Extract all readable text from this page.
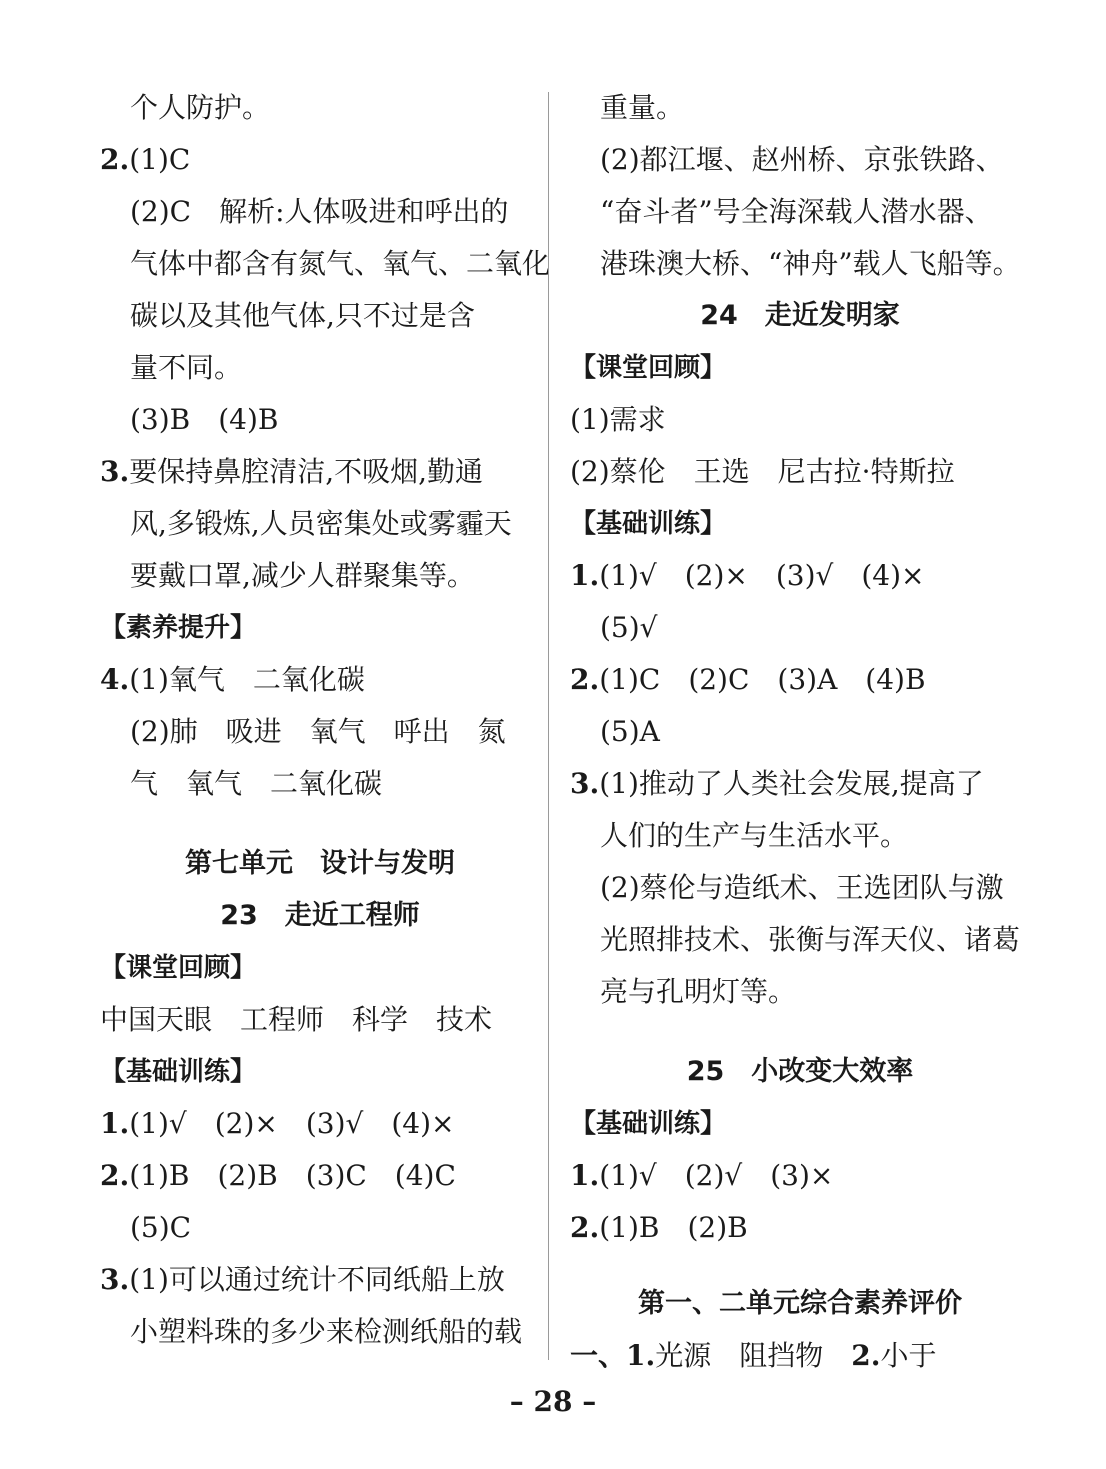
个人防护。
2.(1)C
(2)C　解析:人体吸进和呼出的
气体中都含有氮气、氧气、二氧化
碳以及其他气体,只不过是含
量不同。
(3)B　(4)B
3.要保持鼻腔清洁,不吸烟,勤通
风,多锻炼,人员密集处或雾霾天
要戴口罩,减少人群聚集等。
【素养提升】
4.(1)氧气　二氧化碳
(2)肺　吸进　氧气　呼出　氮
气　氧气　二氧化碳
第七单元　设计与发明
23　走近工程师
【课堂回顾】
中国天眼　工程师　科学　技术
【基础训练】
1.(1)√　(2)×　(3)√　(4)×
2.(1)B　(2)B　(3)C　(4)C
(5)C
3.(1)可以通过统计不同纸船上放
小塑料珠的多少来检测纸船的载
重量。
(2)都江堰、赵州桥、京张铁路、
“奋斗者”号全海深载人潜水器、
港珠澳大桥、“神舟”载人飞船等。
24　走近发明家
【课堂回顾】
(1)需求
(2)蔡伦　王选　尼古拉·特斯拉
【基础训练】
1.(1)√　(2)×　(3)√　(4)×
(5)√
2.(1)C　(2)C　(3)A　(4)B
(5)A
3.(1)推动了人类社会发展,提高了
人们的生产与生活水平。
(2)蔡伦与造纸术、王选团队与激
光照排技术、张衡与浑天仪、诸葛
亮与孔明灯等。
25　小改变大效率
【基础训练】
1.(1)√　(2)√　(3)×
2.(1)B　(2)B
第一、二单元综合素养评价
一、1.光源　阻挡物　 2.小于
– 28 –
